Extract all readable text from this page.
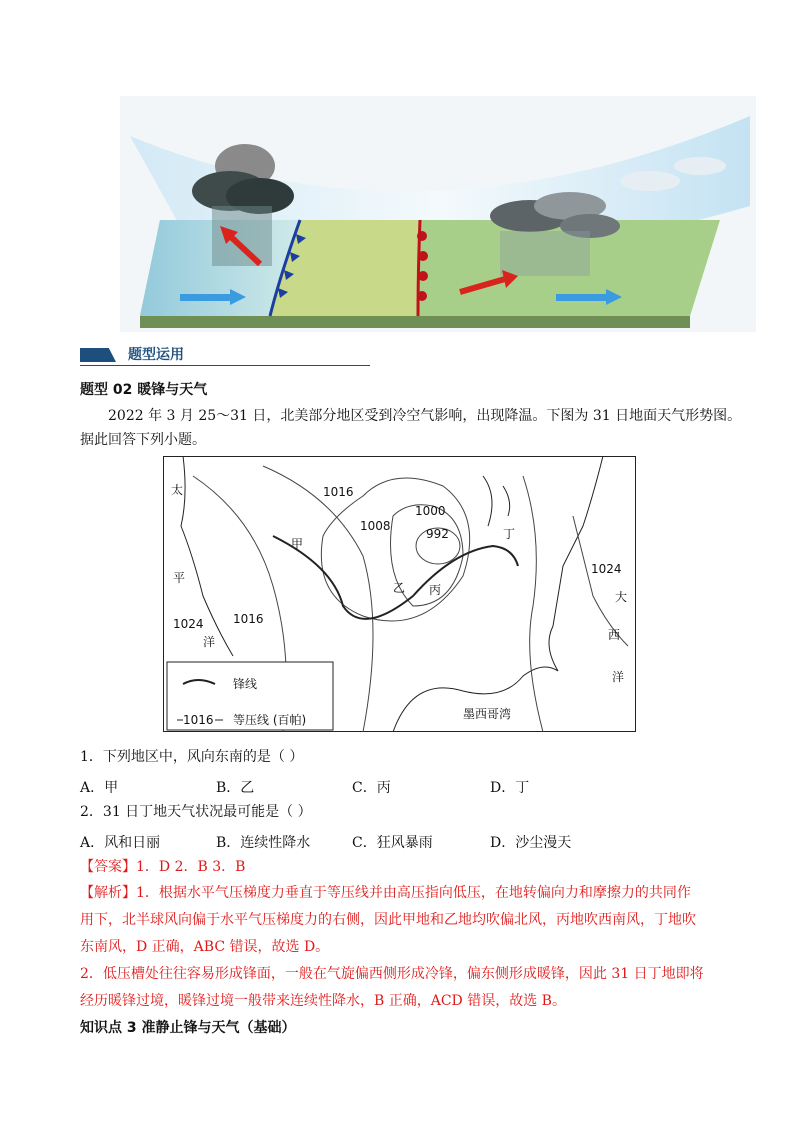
题型运用
题型 02 暖锋与天气
2022 年 3 月 25～31 日，北美部分地区受到冷空气影响，出现降温。下图为 31 日地面天气形势图。
据此回答下列小题。
1016
1008
1000
992
1016
1024
1024
甲
乙 丙
丁
太
平
洋
大
西
洋
墨西哥湾
锋线
1016 等压线 (百帕)
1．下列地区中，风向东南的是（ ）
A．甲	B．乙	C．丙	D．丁
2．31 日丁地天气状况最可能是（ ）
A．风和日丽	B．连续性降水	C．狂风暴雨	D．沙尘漫天
【答案】1．D 2．B 3．B
【解析】1．根据水平气压梯度力垂直于等压线并由高压指向低压，在地转偏向力和摩擦力的共同作
用下，北半球风向偏于水平气压梯度力的右侧，因此甲地和乙地均吹偏北风，丙地吹西南风，丁地吹
东南风，D 正确，ABC 错误，故选 D。
2．低压槽处往往容易形成锋面，一般在气旋偏西侧形成冷锋，偏东侧形成暖锋，因此 31 日丁地即将
经历暖锋过境，暖锋过境一般带来连续性降水，B 正确，ACD 错误，故选 B。
知识点 3 准静止锋与天气（基础）
